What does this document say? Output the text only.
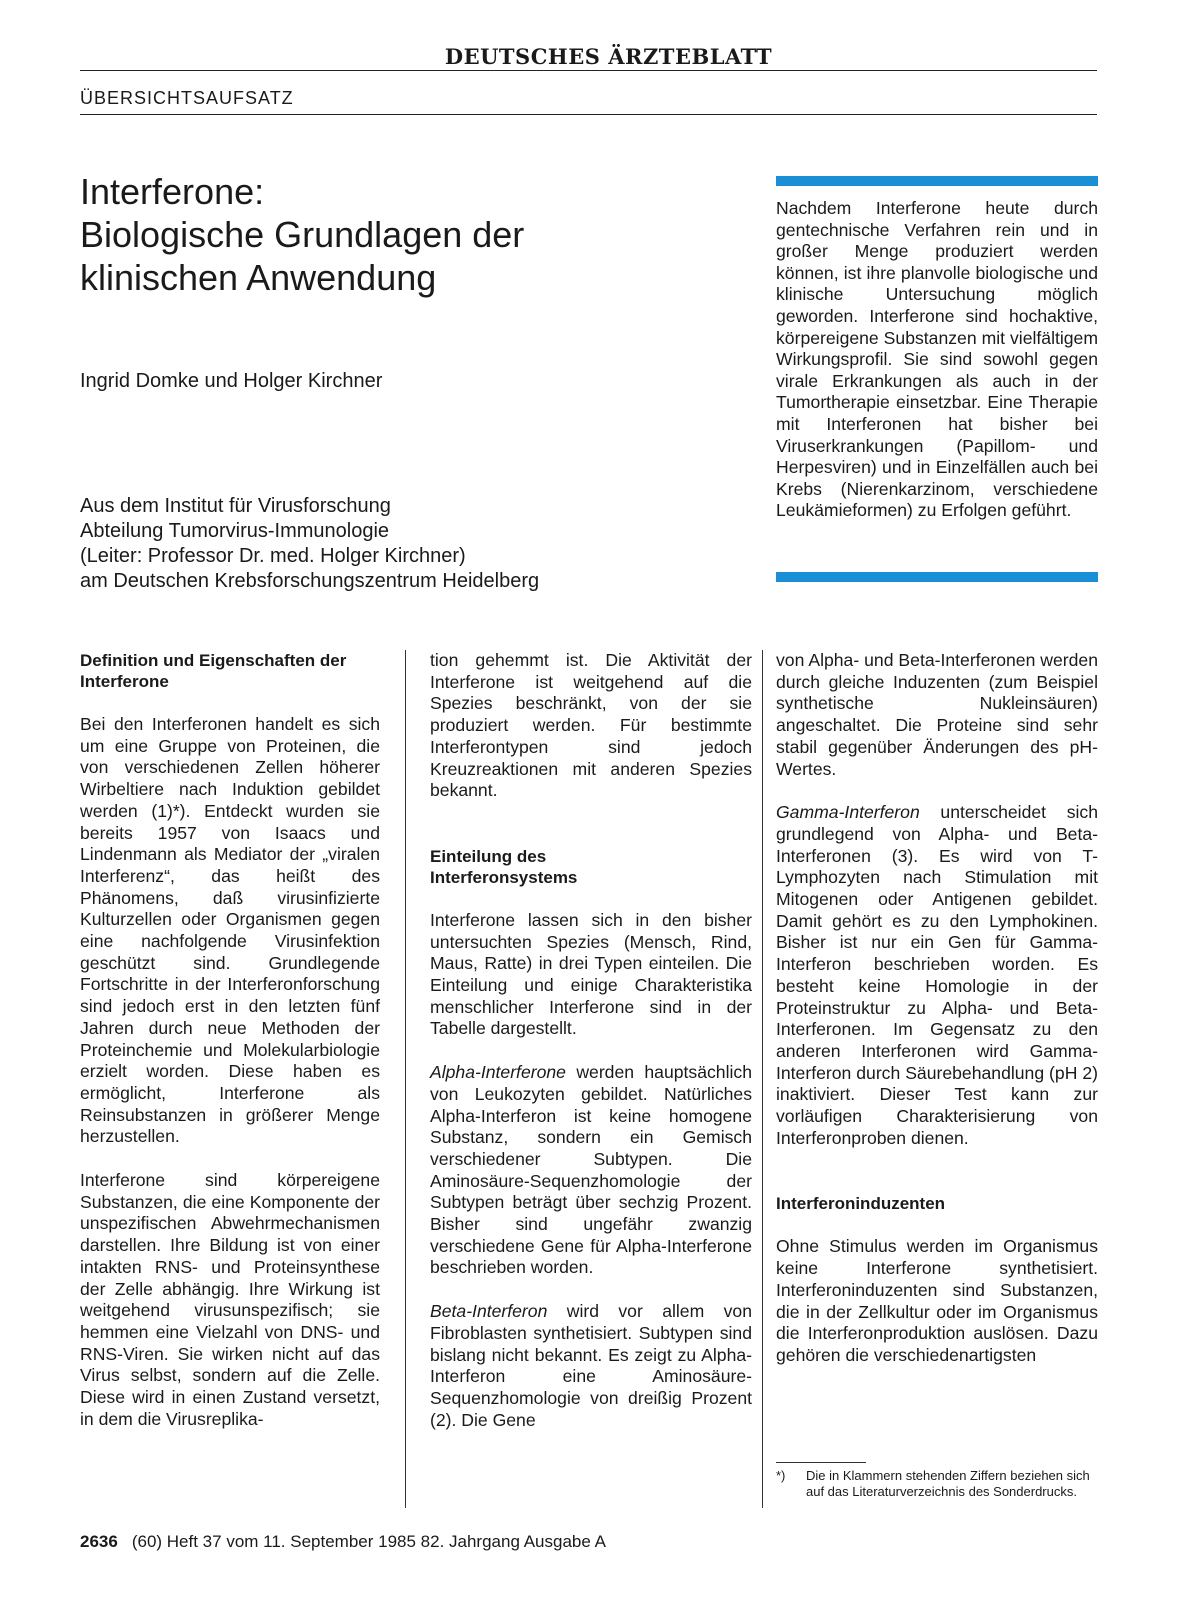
DEUTSCHES ÄRZTEBLATT
ÜBERSICHTSAUFSATZ
Interferone:
Biologische Grundlagen der
klinischen Anwendung
Ingrid Domke und Holger Kirchner
Aus dem Institut für Virusforschung
Abteilung Tumorvirus-Immunologie
(Leiter: Professor Dr. med. Holger Kirchner)
am Deutschen Krebsforschungszentrum Heidelberg
Nachdem Interferone heute durch gentechnische Verfahren rein und in großer Menge produziert werden können, ist ihre planvolle biologische und klinische Untersuchung möglich geworden. Interferone sind hochaktive, körpereigene Substanzen mit vielfältigem Wirkungsprofil. Sie sind sowohl gegen virale Erkrankungen als auch in der Tumortherapie einsetzbar. Eine Therapie mit Interferonen hat bisher bei Viruserkrankungen (Papillom- und Herpesviren) und in Einzelfällen auch bei Krebs (Nierenkarzinom, verschiedene Leukämieformen) zu Erfolgen geführt.

Definition und Eigenschaften der Interferone

Bei den Interferonen handelt es sich um eine Gruppe von Proteinen, die von verschiedenen Zellen höherer Wirbeltiere nach Induktion gebildet werden (1)*). Entdeckt wurden sie bereits 1957 von Isaacs und Lindenmann als Mediator der „viralen Interferenz“, das heißt des Phänomens, daß virusinfizierte Kulturzellen oder Organismen gegen eine nachfolgende Virusinfektion geschützt sind. Grundlegende Fortschritte in der Interferonforschung sind jedoch erst in den letzten fünf Jahren durch neue Methoden der Proteinchemie und Molekularbiologie erzielt worden. Diese haben es ermöglicht, Interferone als Reinsubstanzen in größerer Menge herzustellen.

Interferone sind körpereigene Substanzen, die eine Komponente der unspezifischen Abwehrmechanismen darstellen. Ihre Bildung ist von einer intakten RNS- und Proteinsynthese der Zelle abhängig. Ihre Wirkung ist weitgehend virusunspezifisch; sie hemmen eine Vielzahl von DNS- und RNS-Viren. Sie wirken nicht auf das Virus selbst, sondern auf die Zelle. Diese wird in einen Zustand versetzt, in dem die Virusreplika-

tion gehemmt ist. Die Aktivität der Interferone ist weitgehend auf die Spezies beschränkt, von der sie produziert werden. Für bestimmte Interferontypen sind jedoch Kreuzreaktionen mit anderen Spezies bekannt.

Einteilung des Interferonsystems

Interferone lassen sich in den bisher untersuchten Spezies (Mensch, Rind, Maus, Ratte) in drei Typen einteilen. Die Einteilung und einige Charakteristika menschlicher Interferone sind in der Tabelle dargestellt.

Alpha-Interferone werden hauptsächlich von Leukozyten gebildet. Natürliches Alpha-Interferon ist keine homogene Substanz, sondern ein Gemisch verschiedener Subtypen. Die Aminosäure-Sequenzhomologie der Subtypen beträgt über sechzig Prozent. Bisher sind ungefähr zwanzig verschiedene Gene für Alpha-Interferone beschrieben worden.

Beta-Interferon wird vor allem von Fibroblasten synthetisiert. Subtypen sind bislang nicht bekannt. Es zeigt zu Alpha-Interferon eine Aminosäure-Sequenzhomologie von dreißig Prozent (2). Die Gene

von Alpha- und Beta-Interferonen werden durch gleiche Induzenten (zum Beispiel synthetische Nukleinsäuren) angeschaltet. Die Proteine sind sehr stabil gegenüber Änderungen des pH-Wertes.

Gamma-Interferon unterscheidet sich grundlegend von Alpha- und Beta-Interferonen (3). Es wird von T-Lymphozyten nach Stimulation mit Mitogenen oder Antigenen gebildet. Damit gehört es zu den Lymphokinen. Bisher ist nur ein Gen für Gamma-Interferon beschrieben worden. Es besteht keine Homologie in der Proteinstruktur zu Alpha- und Beta-Interferonen. Im Gegensatz zu den anderen Interferonen wird Gamma-Interferon durch Säurebehandlung (pH 2) inaktiviert. Dieser Test kann zur vorläufigen Charakterisierung von Interferonproben dienen.

Interferoninduzenten

Ohne Stimulus werden im Organismus keine Interferone synthetisiert. Interferoninduzenten sind Substanzen, die in der Zellkultur oder im Organismus die Interferonproduktion auslösen. Dazu gehören die verschiedenartigsten

*)	Die in Klammern stehenden Ziffern beziehen sich auf das Literaturverzeichnis des Sonderdrucks.
2636 (60) Heft 37 vom 11. September 1985 82. Jahrgang Ausgabe A
